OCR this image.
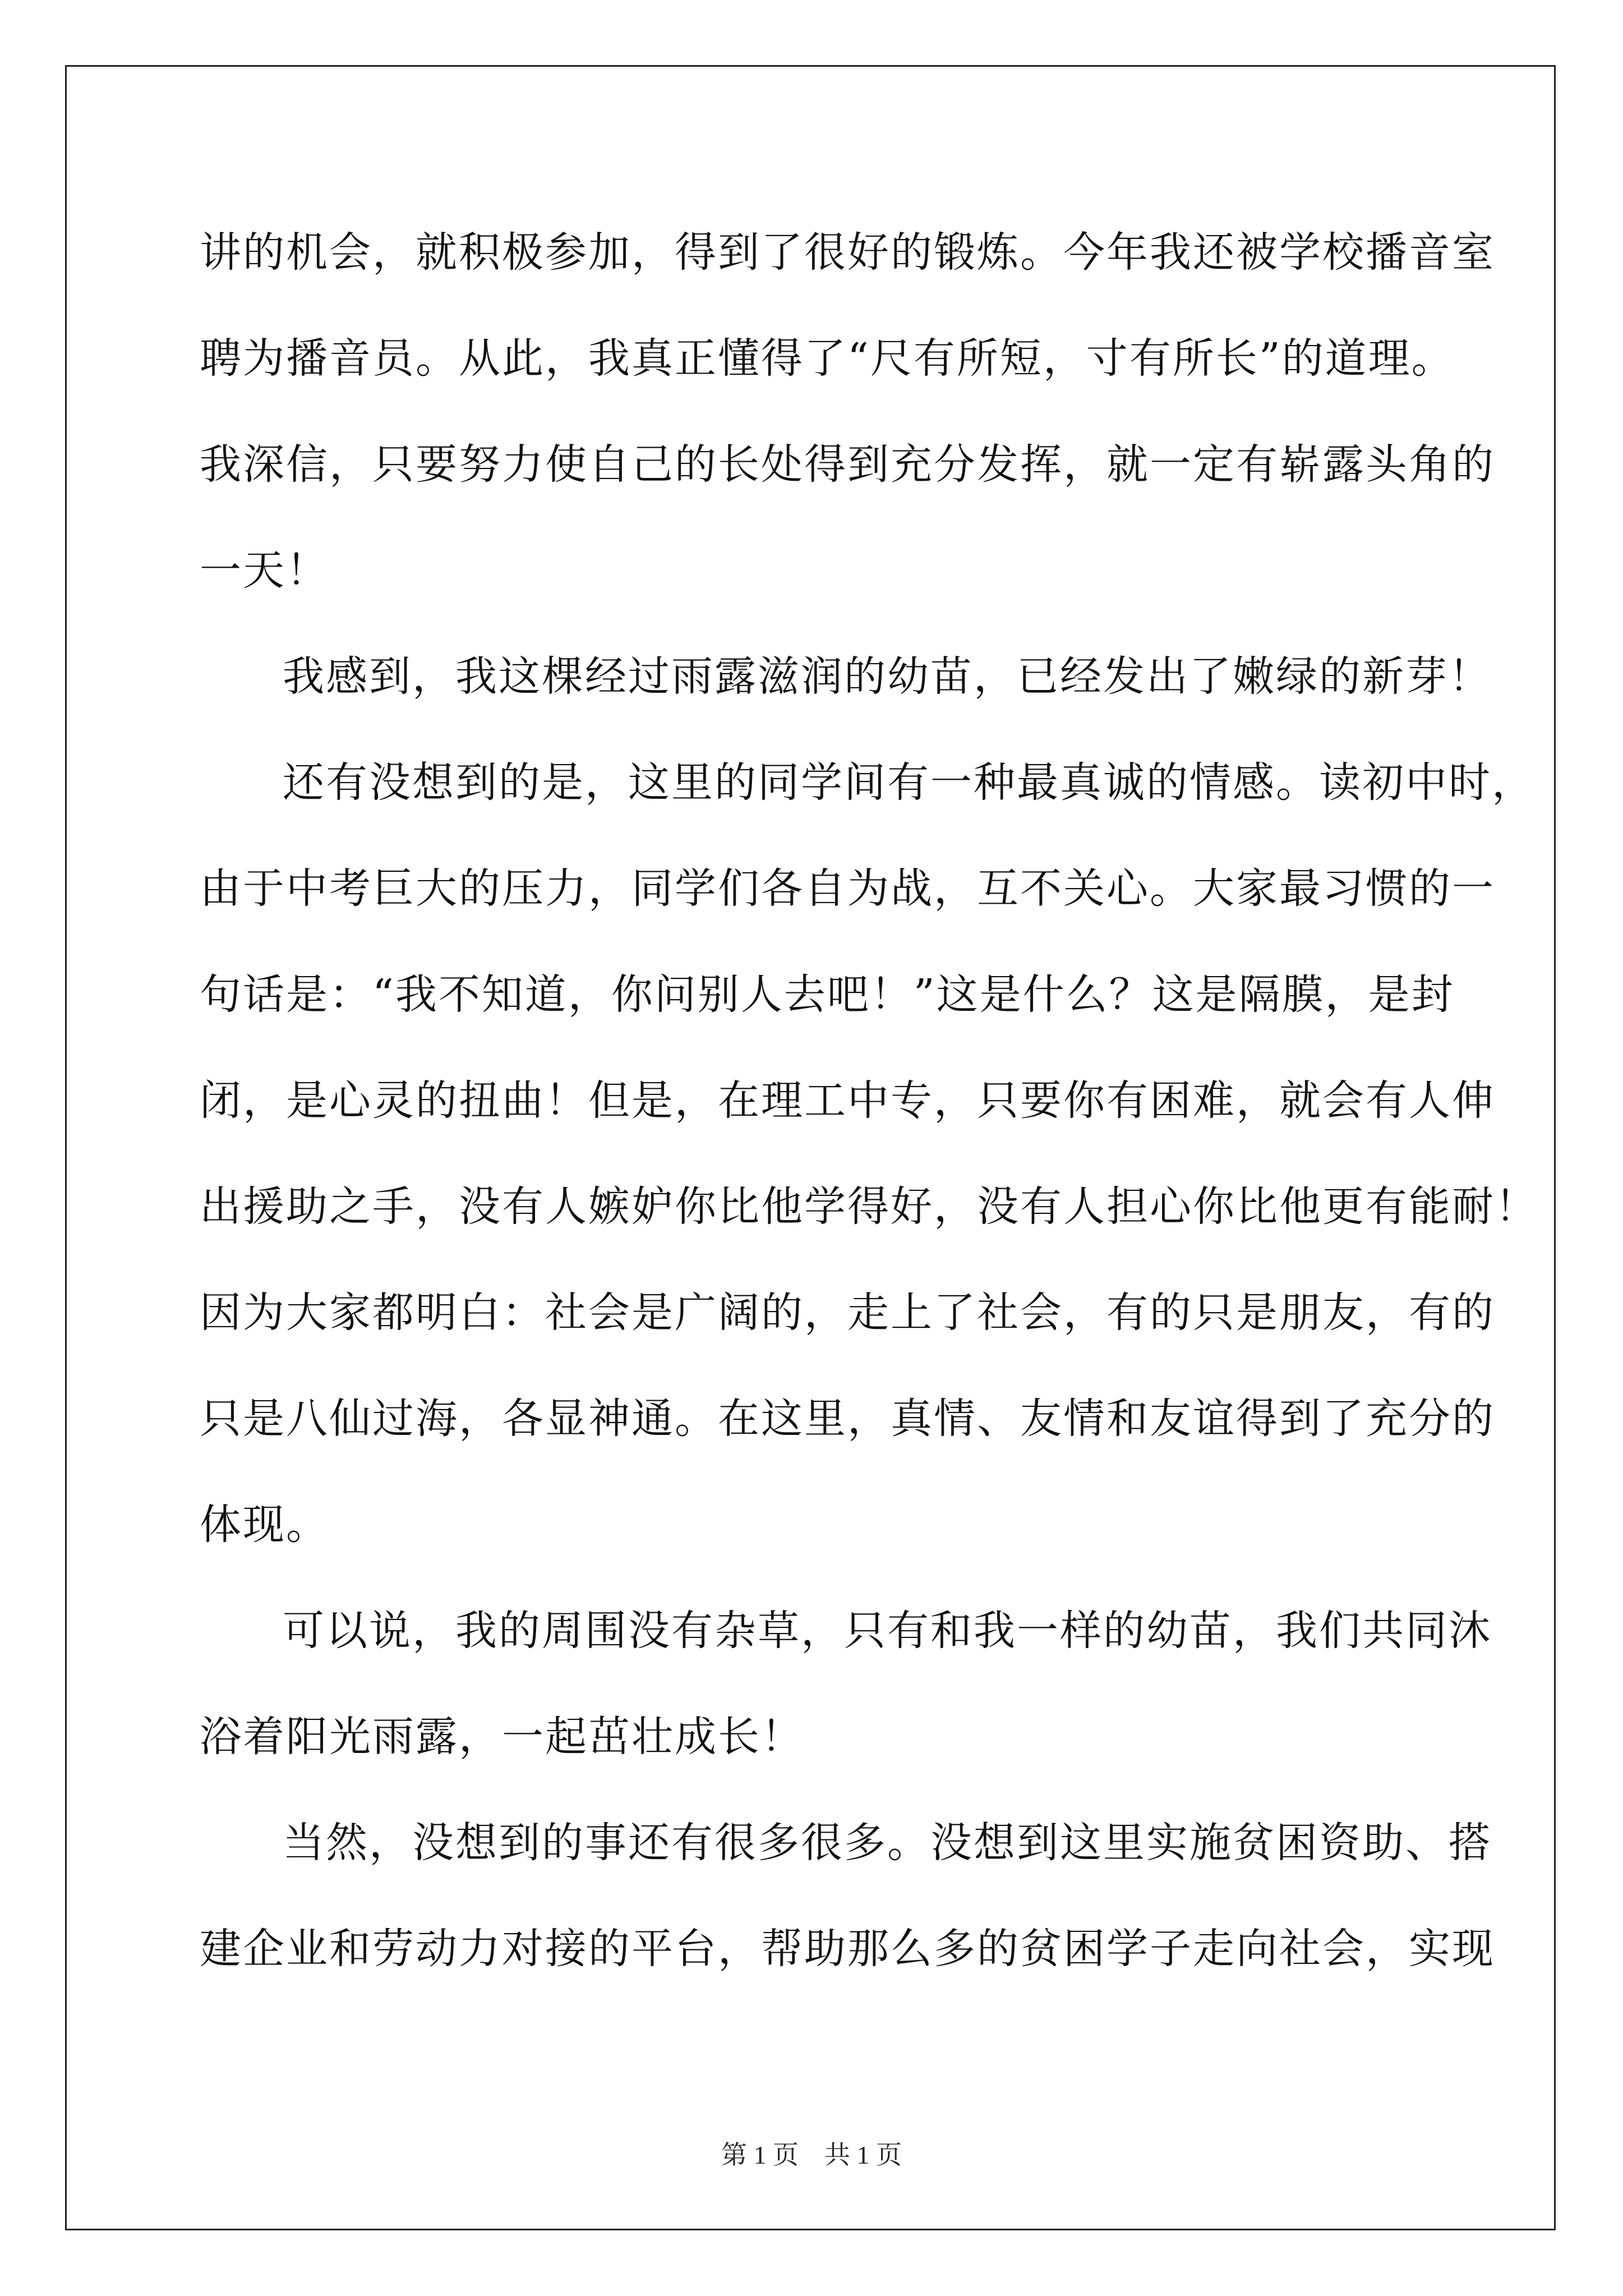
讲的机会，就积极参加，得到了很好的锻炼。今年我还被学校播音室
聘为播音员。从此，我真正懂得了“尺有所短，寸有所长”的道理。
我深信，只要努力使自己的长处得到充分发挥，就一定有崭露头角的
一天！
我感到，我这棵经过雨露滋润的幼苗，已经发出了嫩绿的新芽！
还有没想到的是，这里的同学间有一种最真诚的情感。读初中时，
由于中考巨大的压力，同学们各自为战，互不关心。大家最习惯的一
句话是：“我不知道，你问别人去吧！”这是什么？这是隔膜，是封
闭，是心灵的扭曲！但是，在理工中专，只要你有困难，就会有人伸
出援助之手，没有人嫉妒你比他学得好，没有人担心你比他更有能耐！
因为大家都明白：社会是广阔的，走上了社会，有的只是朋友，有的
只是八仙过海，各显神通。在这里，真情、友情和友谊得到了充分的
体现。
可以说，我的周围没有杂草，只有和我一样的幼苗，我们共同沐
浴着阳光雨露，一起茁壮成长！
当然，没想到的事还有很多很多。没想到这里实施贫困资助、搭
建企业和劳动力对接的平台，帮助那么多的贫困学子走向社会，实现
第 1 页　共 1 页
